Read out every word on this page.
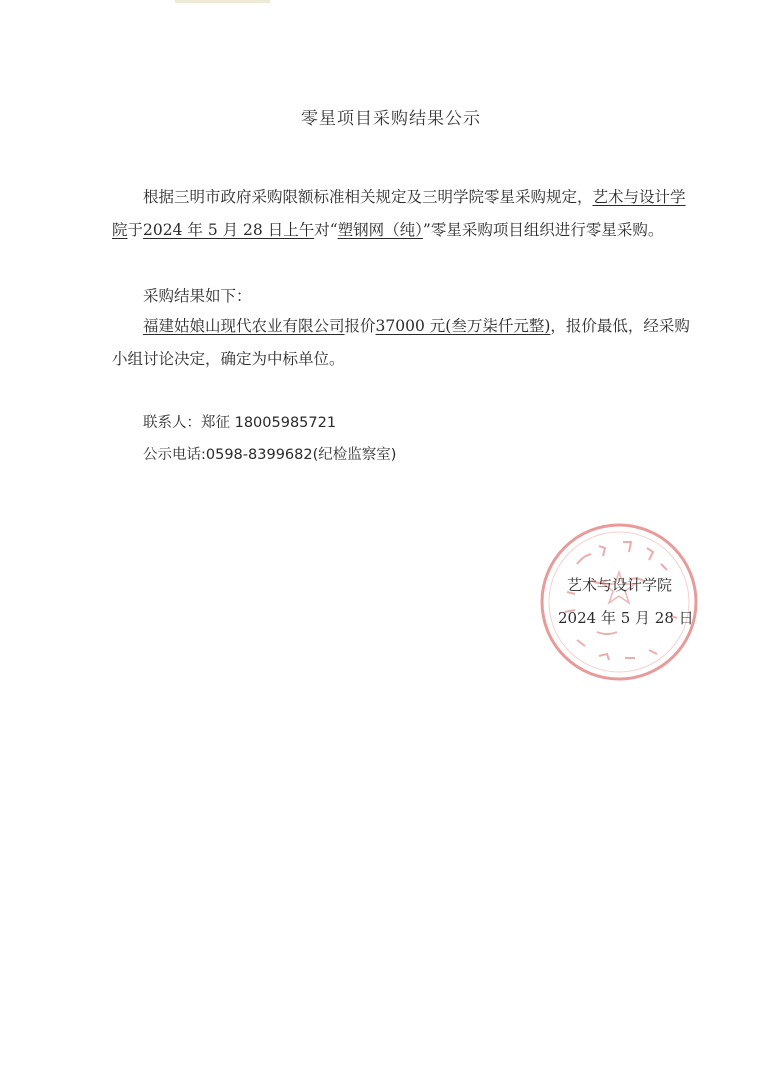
零星项目采购结果公示
根据三明市政府采购限额标准相关规定及三明学院零星采购规定，艺术与设计学院于2024 年 5 月 28 日上午对“塑钢网（纯）”零星采购项目组织进行零星采购。
采购结果如下：
福建姑娘山现代农业有限公司报价37000 元(叁万柒仟元整)，报价最低，经采购小组讨论决定，确定为中标单位。
联系人：郑征 18005985721
公示电话:0598-8399682(纪检监察室)
艺术与设计学院
2024 年 5 月 28 日
